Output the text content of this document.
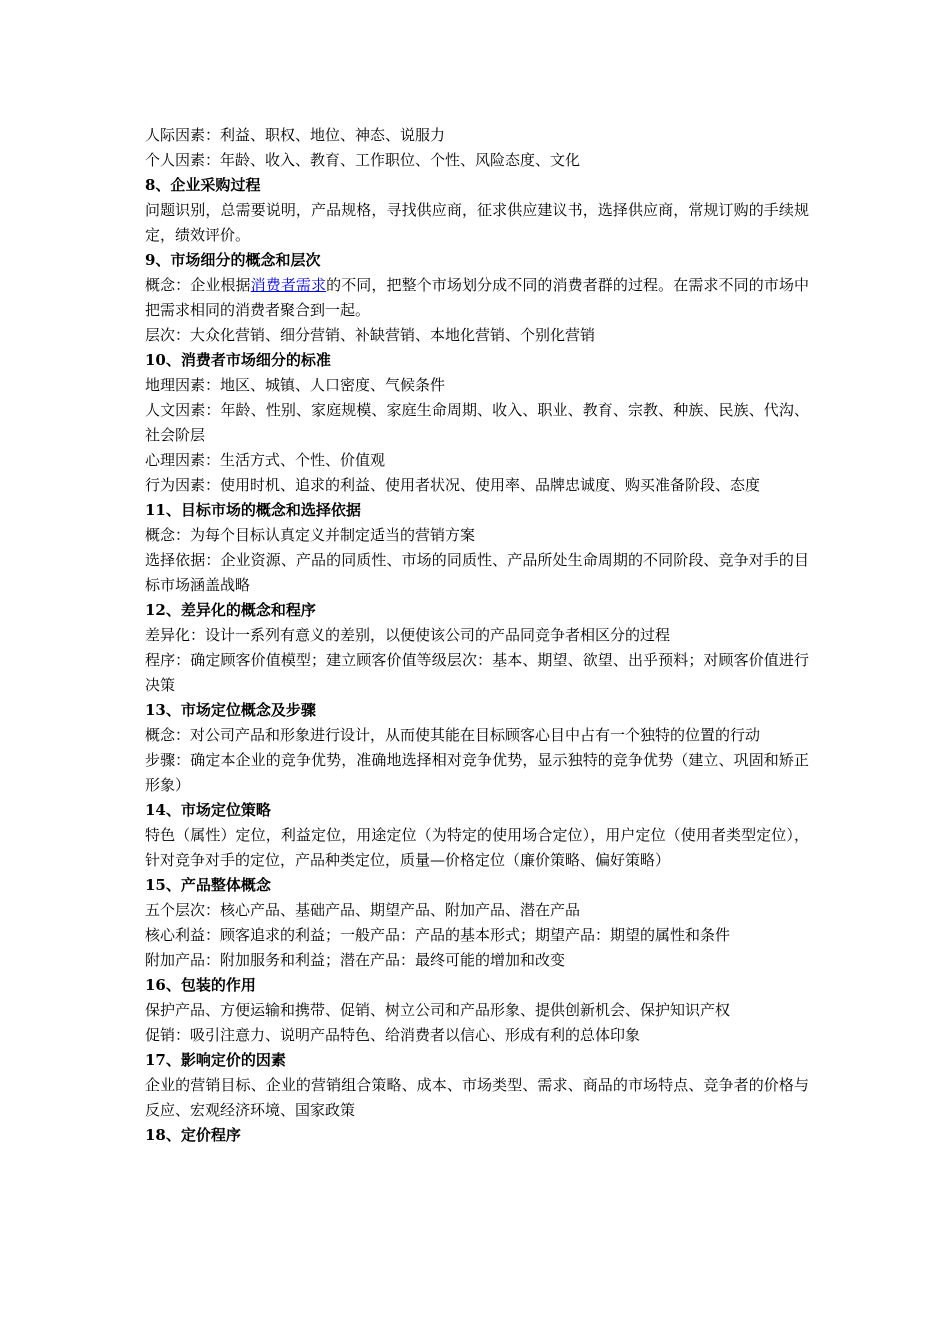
人际因素：利益、职权、地位、神态、说服力

个人因素：年龄、收入、教育、工作职位、个性、风险态度、文化

8、企业采购过程

问题识别，总需要说明，产品规格，寻找供应商，征求供应建议书，选择供应商，常规订购的手续规定，绩效评价。

9、市场细分的概念和层次

概念：企业根据消费者需求的不同，把整个市场划分成不同的消费者群的过程。在需求不同的市场中把需求相同的消费者聚合到一起。

层次：大众化营销、细分营销、补缺营销、本地化营销、个别化营销

10、消费者市场细分的标准

地理因素：地区、城镇、人口密度、气候条件

人文因素：年龄、性别、家庭规模、家庭生命周期、收入、职业、教育、宗教、种族、民族、代沟、社会阶层

心理因素：生活方式、个性、价值观

行为因素：使用时机、追求的利益、使用者状况、使用率、品牌忠诚度、购买准备阶段、态度

11、目标市场的概念和选择依据

概念：为每个目标认真定义并制定适当的营销方案

选择依据：企业资源、产品的同质性、市场的同质性、产品所处生命周期的不同阶段、竞争对手的目标市场涵盖战略

12、差异化的概念和程序

差异化：设计一系列有意义的差别，以便使该公司的产品同竞争者相区分的过程

程序：确定顾客价值模型；建立顾客价值等级层次：基本、期望、欲望、出乎预料；对顾客价值进行决策

13、市场定位概念及步骤

概念：对公司产品和形象进行设计，从而使其能在目标顾客心目中占有一个独特的位置的行动

步骤：确定本企业的竞争优势，准确地选择相对竞争优势，显示独特的竞争优势（建立、巩固和矫正形象）

14、市场定位策略

特色（属性）定位，利益定位，用途定位（为特定的使用场合定位），用户定位（使用者类型定位），针对竞争对手的定位，产品种类定位，质量—价格定位（廉价策略、偏好策略）

15、产品整体概念

五个层次：核心产品、基础产品、期望产品、附加产品、潜在产品

核心利益：顾客追求的利益；一般产品：产品的基本形式；期望产品：期望的属性和条件

附加产品：附加服务和利益；潜在产品：最终可能的增加和改变

16、包装的作用

保护产品、方便运输和携带、促销、树立公司和产品形象、提供创新机会、保护知识产权

促销：吸引注意力、说明产品特色、给消费者以信心、形成有利的总体印象

17、影响定价的因素

企业的营销目标、企业的营销组合策略、成本、市场类型、需求、商品的市场特点、竞争者的价格与反应、宏观经济环境、国家政策

18、定价程序
